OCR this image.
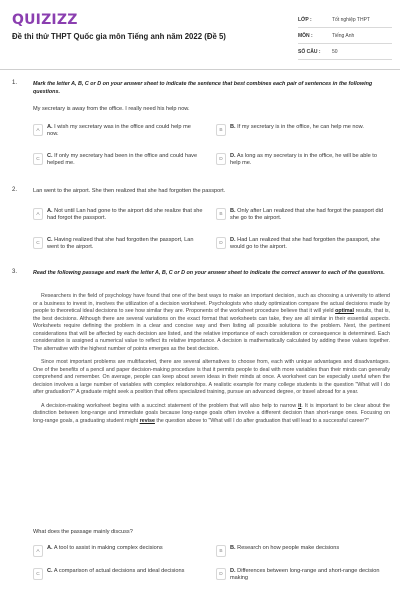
QUIZIZZ
Đề thi thử THPT Quốc gia môn Tiếng anh năm 2022 (Đề 5)
LỚP :	Tốt nghiệp THPT
MÔN :	Tiếng Anh
SỐ CÂU :	50
1.	Mark the letter A, B, C or D on your answer sheet to indicate the sentence that best combines each pair of sentences in the following questions.
My secretary is away from the office. I really need his help now.
A	A. I wish my secretary was in the office and could help me now.
B	B. If my secretary is in the office, he can help me now.
C	C. If only my secretary had been in the office and could have helped me.
D	D. As long as my secretary is in the office, he will be able to help me.
2.	Lan went to the airport. She then realized that she had forgotten the passport.
A	A. Not until Lan had gone to the airport did she realize that she had forgot the passport.
B	B. Only after Lan realized that she had forgot the passport did she go to the airport.
C	C. Having realized that she had forgotten the passport, Lan went to the airport.
D	D. Had Lan realized that she had forgotten the passport, she would go to the airport.
3.	Read the following passage and mark the letter A, B, C or D on your answer sheet to indicate the correct answer to each of the questions.

Researchers in the field of psychology have found that one of the best ways to make an important decision, such as choosing a university to attend or a business to invest in, involves the utilization of a decision worksheet. Psychologists who study optimization compare the actual decisions made by people to theoretical ideal decisions to see how similar they are. Proponents of the worksheet procedure believe that it will yield optimal results, that is, the best decisions. Although there are several variations on the exact format that worksheets can take, they are all similar in their essential aspects. Worksheets require defining the problem in a clear and concise way and then listing all possible solutions to the problem. Next, the pertinent considerations that will be affected by each decision are listed, and the relative importance of each consideration or consequence is determined. Each consideration is assigned a numerical value to reflect its relative importance. A decision is mathematically calculated by adding these values together. The alternative with the highest number of points emerges as the best decision.

Since most important problems are multifaceted, there are several alternatives to choose from, each with unique advantages and disadvantages. One of the benefits of a pencil and paper decision-making procedure is that it permits people to deal with more variables than their minds can generally comprehend and remember. On average, people can keep about seven ideas in their minds at once. A worksheet can be especially useful when the decision involves a large number of variables with complex relationships. A realistic example for many college students is the question "What will I do after graduation?" A graduate might seek a position that offers specialized training, pursue an advanced degree, or travel abroad for a year.

A decision-making worksheet begins with a succinct statement of the problem that will also help to narrow it. It is important to be clear about the distinction between long-range and immediate goals because long-range goals often involve a different decision than short-range ones. Focusing on long-range goals, a graduating student might revise the question above to "What will I do after graduation that will lead to a successful career?"

What does the passage mainly discuss?
A	A. A tool to assist in making complex decisions	B	B. Research on how people make decisions
C	C. A comparison of actual decisions and ideal decisions	D	D. Differences between long-range and short-range decision making
